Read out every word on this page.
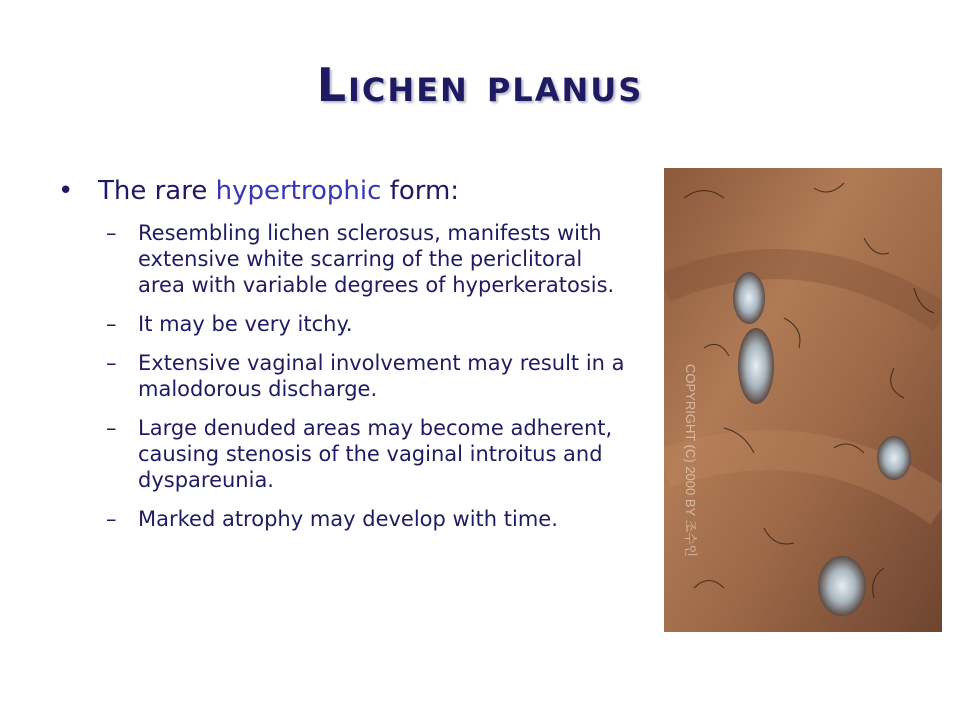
Lichen planus
• The rare hypertrophic form:
–	Resembling lichen sclerosus, manifests with extensive white scarring of the periclitoral area with variable degrees of hyperkeratosis.
–	It may be very itchy.
–	Extensive vaginal involvement may result in a malodorous discharge.
–	Large denuded areas may become adherent, causing stenosis of the vaginal introitus and dyspareunia.
–	Marked atrophy may develop with time.	COPYRIGHT (C) 2000 BY 조수인
